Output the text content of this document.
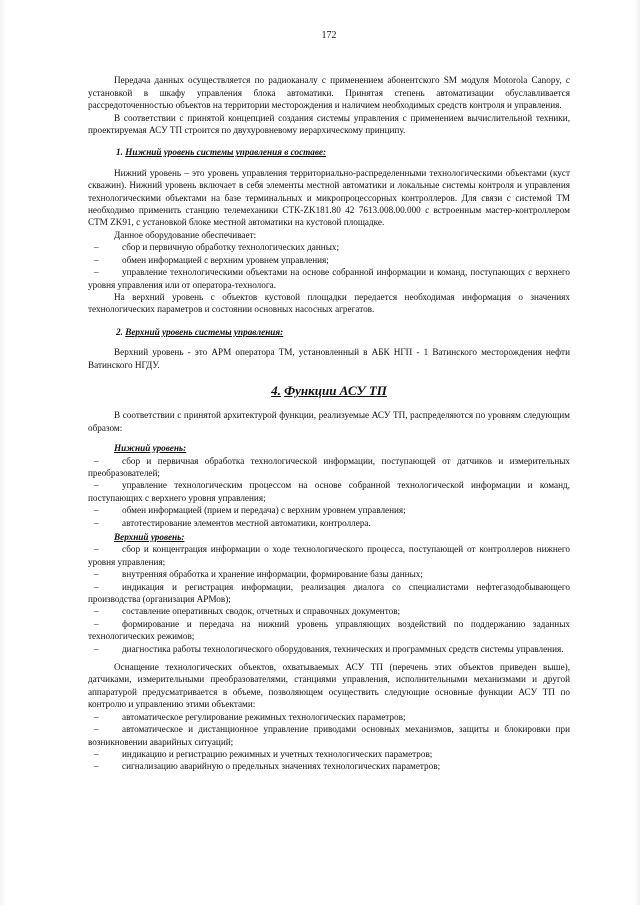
172

Передача данных осуществляется по радиоканалу с применением абонентского SM модуля Motorola Canopy, с установкой в шкафу управления блока автоматики. Принятая степень автоматизации обуславливается рассредоточенностью объектов на территории месторождения и наличием необходимых средств контроля и управления.

В соответствии с принятой концепцией создания системы управления с применением вычислительной техники, проектируемая АСУ ТП строится по двухуровневому иерархическому принципу.

1. Нижний уровень системы управления в составе:

Нижний уровень – это уровень управления территориально-распределенными технологическими объектами (куст скважин). Нижний уровень включает в себя элементы местной автоматики и локальные системы контроля и управления технологическими объектами на базе терминальных и микропроцессорных контроллеров. Для связи с системой ТМ необходимо применить станцию телемеханики СТК-ZK181.80 42 7613.008.00.000 с встроенным мастер-контроллером СТМ ZK91, с установкой блоке местной автоматики на кустовой площадке.

Данное оборудование обеспечивает:

–	сбор и первичную обработку технологических данных;
–	обмен информацией с верхним уровнем управления;
–	управление технологическими объектами на основе собранной информации и команд, поступающих с верхнего уровня управления или от оператора-технолога.

На верхний уровень с объектов кустовой площадки передается необходимая информация о значениях технологических параметров и состоянии основных насосных агрегатов.

2. Верхний уровень системы управления:

Верхний уровень - это АРМ оператора ТМ, установленный в АБК НГП - 1 Ватинского месторождения нефти Ватинского НГДУ.

4. Функции АСУ ТП

В соответствии с принятой архитектурой функции, реализуемые АСУ ТП, распределяются по уровням следующим образом:

Нижний уровень:
–	сбор и первичная обработка технологической информации, поступающей от датчиков и измерительных преобразователей;
–	управление технологическим процессом на основе собранной технологической информации и команд, поступающих с верхнего уровня управления;
–	обмен информацией (прием и передача) с верхним уровнем управления;
–	автотестирование элементов местной автоматики, контроллера.
Верхний уровень:
–	сбор и концентрация информации о ходе технологического процесса, поступающей от контроллеров нижнего уровня управления;
–	внутренняя обработка и хранение информации, формирование базы данных;
–	индикация и регистрация информации, реализация диалога со специалистами нефтегазодобывающего производства (организация АРМов);
–	составление оперативных сводок, отчетных и справочных документов;
–	формирование и передача на нижний уровень управляющих воздействий по поддержанию заданных технологических режимов;
–	диагностика работы технологического оборудования, технических и программных средств системы управления.

Оснащение технологических объектов, охватываемых АСУ ТП (перечень этих объектов приведен выше), датчиками, измерительными преобразователями, станциями управления, исполнительными механизмами и другой аппаратурой предусматривается в объеме, позволяющем осуществить следующие основные функции АСУ ТП по контролю и управлению этими объектами:

–	автоматическое регулирование режимных технологических параметров;
–	автоматическое и дистанционное управление приводами основных механизмов, защиты и блокировки при возникновении аварийных ситуаций;
–	индикацию и регистрацию режимных и учетных технологических параметров;
–	сигнализацию аварийную о предельных значениях технологических параметров;
